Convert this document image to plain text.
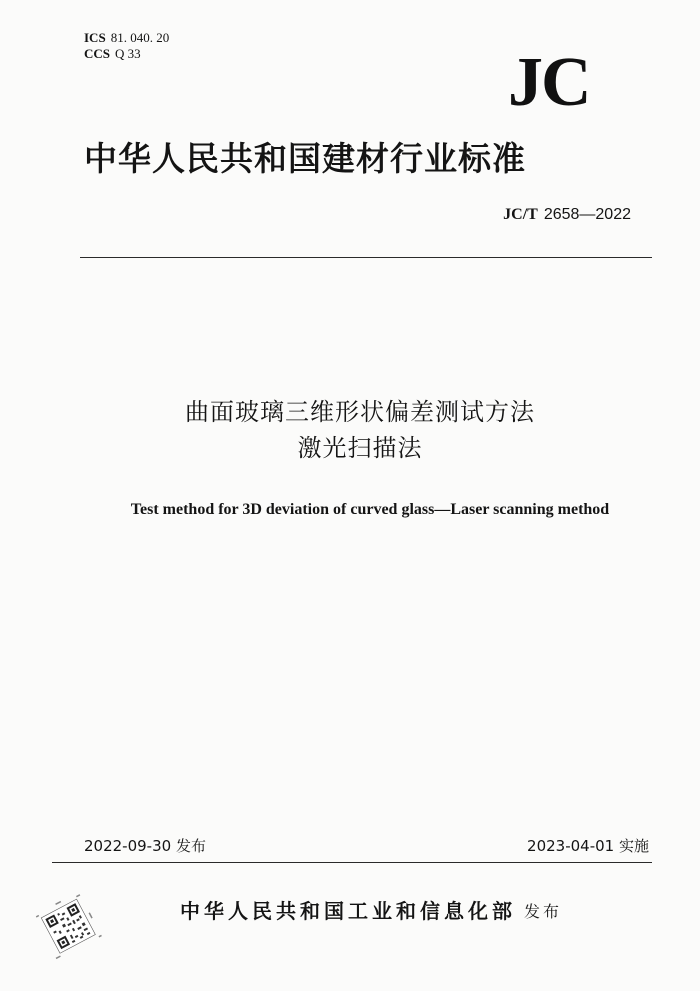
ICS 81. 040. 20
CCS Q 33	JC
中华人民共和国建材行业标准
JC/T 2658—2022
曲面玻璃三维形状偏差测试方法
激光扫描法
Test method for 3D deviation of curved glass—Laser scanning method
2022-09-30 发布	2023-04-01 实施
中华人民共和国工业和信息化部 发布
